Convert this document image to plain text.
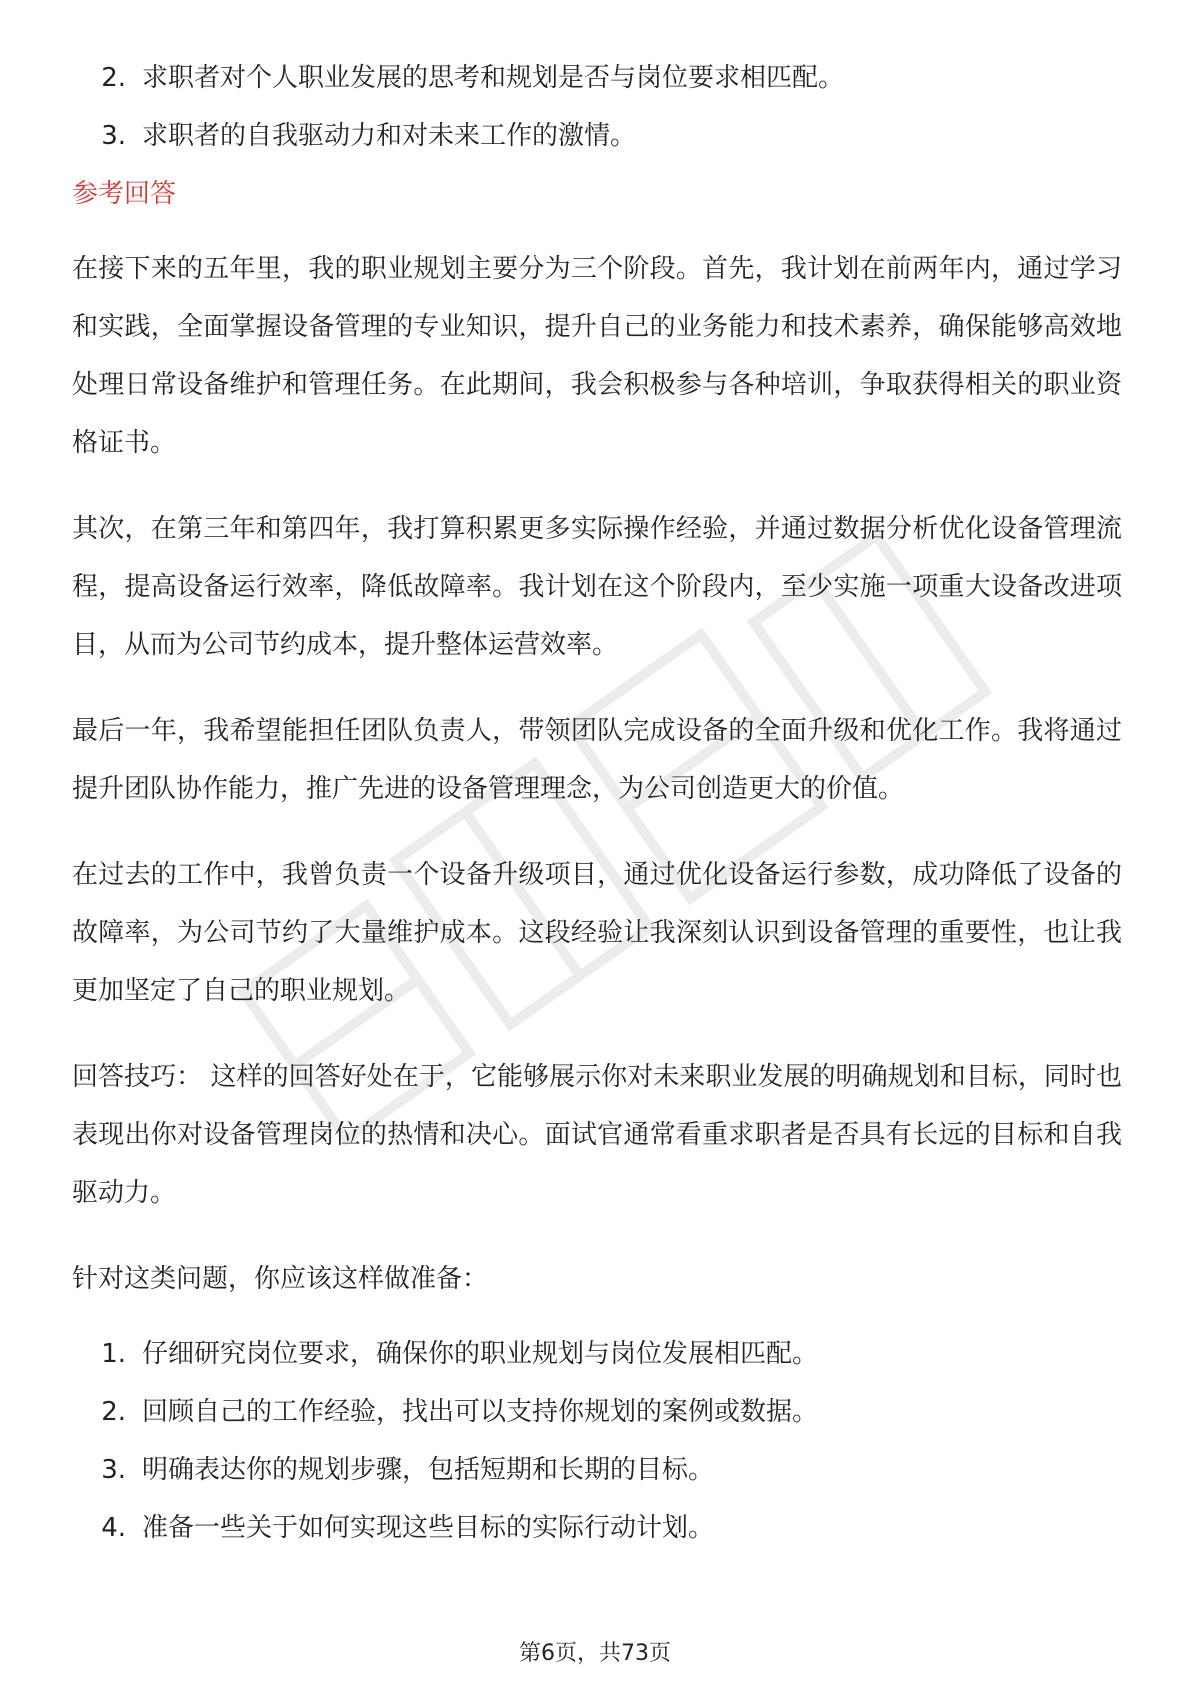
2. 求职者对个人职业发展的思考和规划是否与岗位要求相匹配。
3. 求职者的自我驱动力和对未来工作的激情。
参考回答

在接下来的五年里，我的职业规划主要分为三个阶段。首先，我计划在前两年内，通过学习和实践，全面掌握设备管理的专业知识，提升自己的业务能力和技术素养，确保能够高效地处理日常设备维护和管理任务。在此期间，我会积极参与各种培训，争取获得相关的职业资格证书。

其次，在第三年和第四年，我打算积累更多实际操作经验，并通过数据分析优化设备管理流程，提高设备运行效率，降低故障率。我计划在这个阶段内，至少实施一项重大设备改进项目，从而为公司节约成本，提升整体运营效率。

最后一年，我希望能担任团队负责人，带领团队完成设备的全面升级和优化工作。我将通过提升团队协作能力，推广先进的设备管理理念，为公司创造更大的价值。

在过去的工作中，我曾负责一个设备升级项目，通过优化设备运行参数，成功降低了设备的故障率，为公司节约了大量维护成本。这段经验让我深刻认识到设备管理的重要性，也让我更加坚定了自己的职业规划。

回答技巧： 这样的回答好处在于，它能够展示你对未来职业发展的明确规划和目标，同时也表现出你对设备管理岗位的热情和决心。面试官通常看重求职者是否具有长远的目标和自我驱动力。

针对这类问题，你应该这样做准备：

1. 仔细研究岗位要求，确保你的职业规划与岗位发展相匹配。
2. 回顾自己的工作经验，找出可以支持你规划的案例或数据。
3. 明确表达你的规划步骤，包括短期和长期的目标。
4. 准备一些关于如何实现这些目标的实际行动计划。
第6页，共73页
